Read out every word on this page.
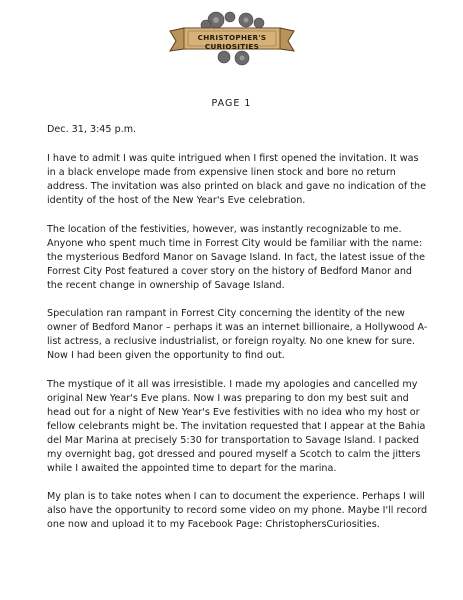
CHRISTOPHER'S
CURIOSITIES
PAGE 1

Dec. 31, 3:45 p.m.

I have to admit I was quite intrigued when I first opened the invitation. It was in a black envelope made from expensive linen stock and bore no return address. The invitation was also printed on black and gave no indication of the identity of the host of the New Year's Eve celebration.

The location of the festivities, however, was instantly recognizable to me. Anyone who spent much time in Forrest City would be familiar with the name: the mysterious Bedford Manor on Savage Island. In fact, the latest issue of the Forrest City Post featured a cover story on the history of Bedford Manor and the recent change in ownership of Savage Island.

Speculation ran rampant in Forrest City concerning the identity of the new owner of Bedford Manor – perhaps it was an internet billionaire, a Hollywood A-list actress, a reclusive industrialist, or foreign royalty. No one knew for sure. Now I had been given the opportunity to find out.

The mystique of it all was irresistible. I made my apologies and cancelled my original New Year's Eve plans. Now I was preparing to don my best suit and head out for a night of New Year's Eve festivities with no idea who my host or fellow celebrants might be. The invitation requested that I appear at the Bahia del Mar Marina at precisely 5:30 for transportation to Savage Island. I packed my overnight bag, got dressed and poured myself a Scotch to calm the jitters while I awaited the appointed time to depart for the marina.

My plan is to take notes when I can to document the experience. Perhaps I will also have the opportunity to record some video on my phone. Maybe I'll record one now and upload it to my Facebook Page: ChristophersCuriosities.
